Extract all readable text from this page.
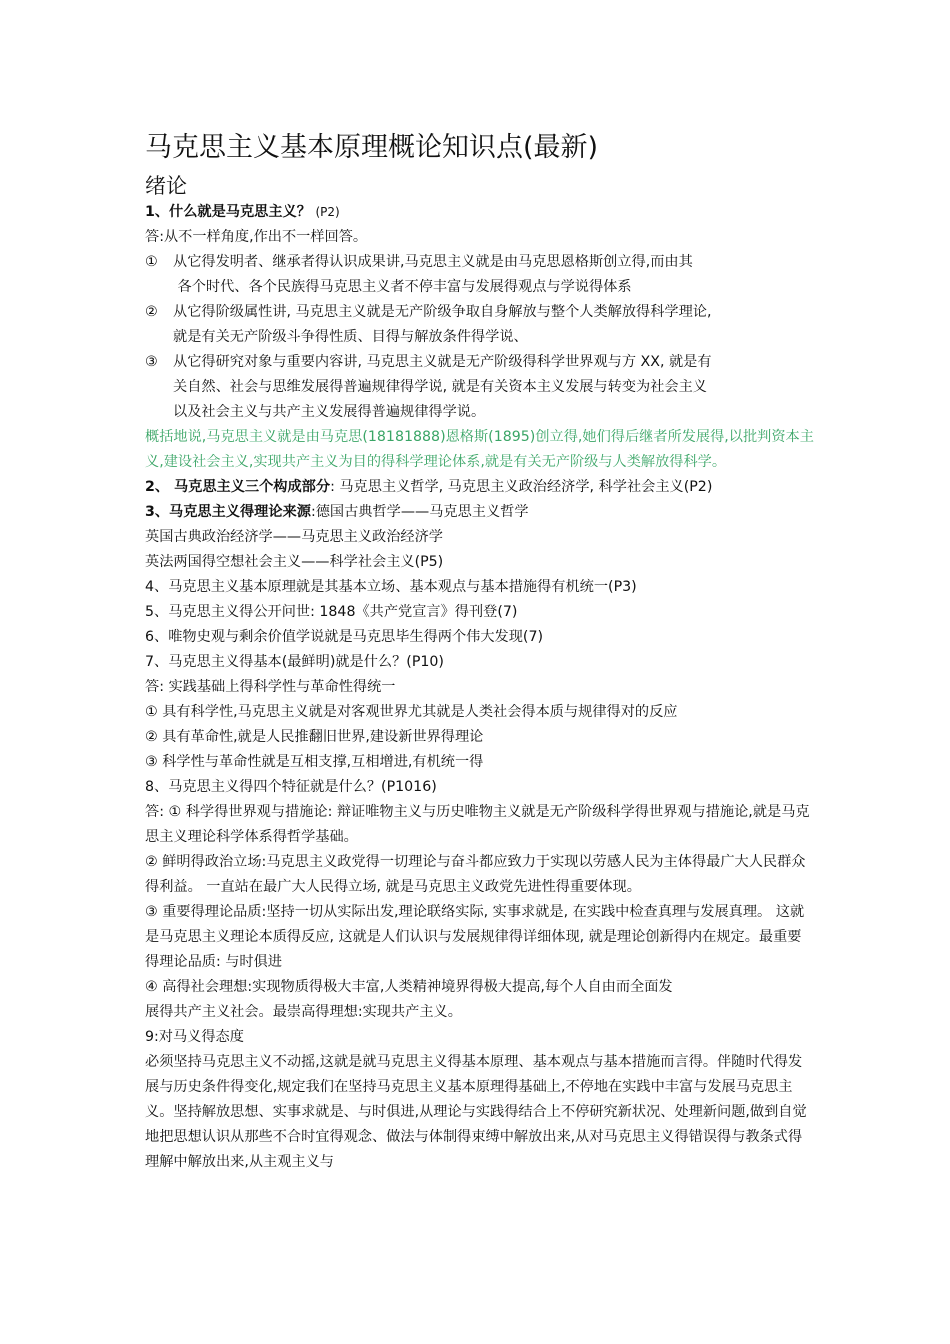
马克思主义基本原理概论知识点(最新)
绪论
1、什么就是马克思主义？ (P2)
答:从不一样角度,作出不一样回答。
①	从它得发明者、继承者得认识成果讲,马克思主义就是由马克思恩格斯创立得,而由其
各个时代、各个民族得马克思主义者不停丰富与发展得观点与学说得体系
②	从它得阶级属性讲, 马克思主义就是无产阶级争取自身解放与整个人类解放得科学理论,
就是有关无产阶级斗争得性质、目得与解放条件得学说、
③	从它得研究对象与重要内容讲, 马克思主义就是无产阶级得科学世界观与方 XX, 就是有
关自然、社会与思维发展得普遍规律得学说, 就是有关资本主义发展与转变为社会主义
以及社会主义与共产主义发展得普遍规律得学说。
概括地说,马克思主义就是由马克思(18181888)恩格斯(1895)创立得,她们得后继者所发展得,以批判资本主义,建设社会主义,实现共产主义为目的得科学理论体系,就是有关无产阶级与人类解放得科学。
2、 马克思主义三个构成部分: 马克思主义哲学, 马克思主义政治经济学, 科学社会主义(P2)
3、马克思主义得理论来源:德国古典哲学——马克思主义哲学
英国古典政治经济学——马克思主义政治经济学
英法两国得空想社会主义——科学社会主义(P5)
4、马克思主义基本原理就是其基本立场、基本观点与基本措施得有机统一(P3)
5、马克思主义得公开问世: 1848《共产党宣言》得刊登(7)
6、唯物史观与剩余价值学说就是马克思毕生得两个伟大发现(7)
7、马克思主义得基本(最鲜明)就是什么？(P10)
答: 实践基础上得科学性与革命性得统一
① 具有科学性,马克思主义就是对客观世界尤其就是人类社会得本质与规律得对的反应
② 具有革命性,就是人民推翻旧世界,建设新世界得理论
③ 科学性与革命性就是互相支撑,互相增进,有机统一得
8、马克思主义得四个特征就是什么？(P1016)
答: ① 科学得世界观与措施论: 辩证唯物主义与历史唯物主义就是无产阶级科学得世界观与措施论,就是马克思主义理论科学体系得哲学基础。
② 鲜明得政治立场:马克思主义政党得一切理论与奋斗都应致力于实现以劳感人民为主体得最广大人民群众得利益。 一直站在最广大人民得立场, 就是马克思主义政党先进性得重要体现。
③ 重要得理论品质:坚持一切从实际出发,理论联络实际, 实事求就是, 在实践中检查真理与发展真理。 这就是马克思主义理论本质得反应, 这就是人们认识与发展规律得详细体现, 就是理论创新得内在规定。最重要得理论品质: 与时俱进
④ 高得社会理想:实现物质得极大丰富,人类精神境界得极大提高,每个人自由而全面发
展得共产主义社会。最崇高得理想:实现共产主义。
9:对马义得态度
必须坚持马克思主义不动摇,这就是就马克思主义得基本原理、基本观点与基本措施而言得。伴随时代得发展与历史条件得变化,规定我们在坚持马克思主义基本原理得基础上,不停地在实践中丰富与发展马克思主义。坚持解放思想、实事求就是、与时俱进,从理论与实践得结合上不停研究新状况、处理新问题,做到自觉地把思想认识从那些不合时宜得观念、做法与体制得束缚中解放出来,从对马克思主义得错误得与教条式得理解中解放出来,从主观主义与
